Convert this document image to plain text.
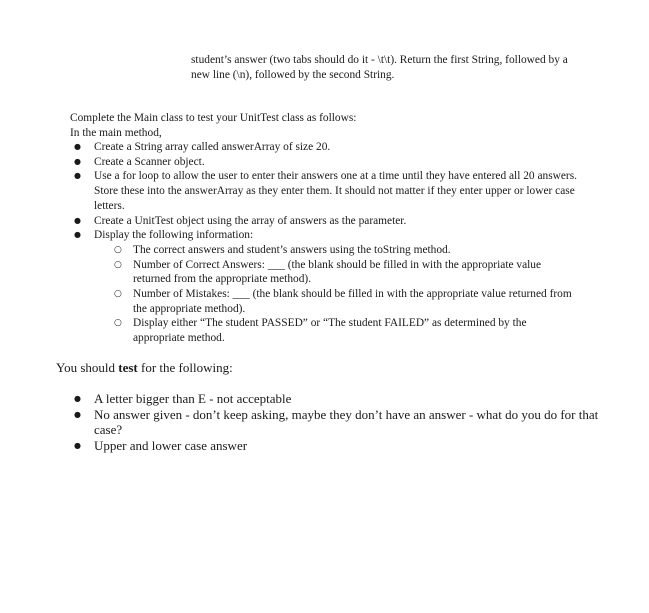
student’s answer (two tabs should do it - \t\t). Return the first String, followed by a
new line (\n), followed by the second String.

Complete the Main class to test your UnitTest class as follows:

In the main method,

● Create a String array called answerArray of size 20.
● Create a Scanner object.
● Use a for loop to allow the user to enter their answers one at a time until they have entered all 20 answers. Store these into the answerArray as they enter them. It should not matter if they enter upper or lower case letters.
● Create a UnitTest object using the array of answers as the parameter.
● Display the following information:
○ The correct answers and student’s answers using the toString method.
○ Number of Correct Answers: ___ (the blank should be filled in with the appropriate value returned from the appropriate method).
○ Number of Mistakes: ___ (the blank should be filled in with the appropriate value returned from the appropriate method).
○ Display either “The student PASSED” or “The student FAILED” as determined by the appropriate method.

You should test for the following:

● A letter bigger than E - not acceptable
● No answer given - don’t keep asking, maybe they don’t have an answer - what do you do for that case?
● Upper and lower case answer
